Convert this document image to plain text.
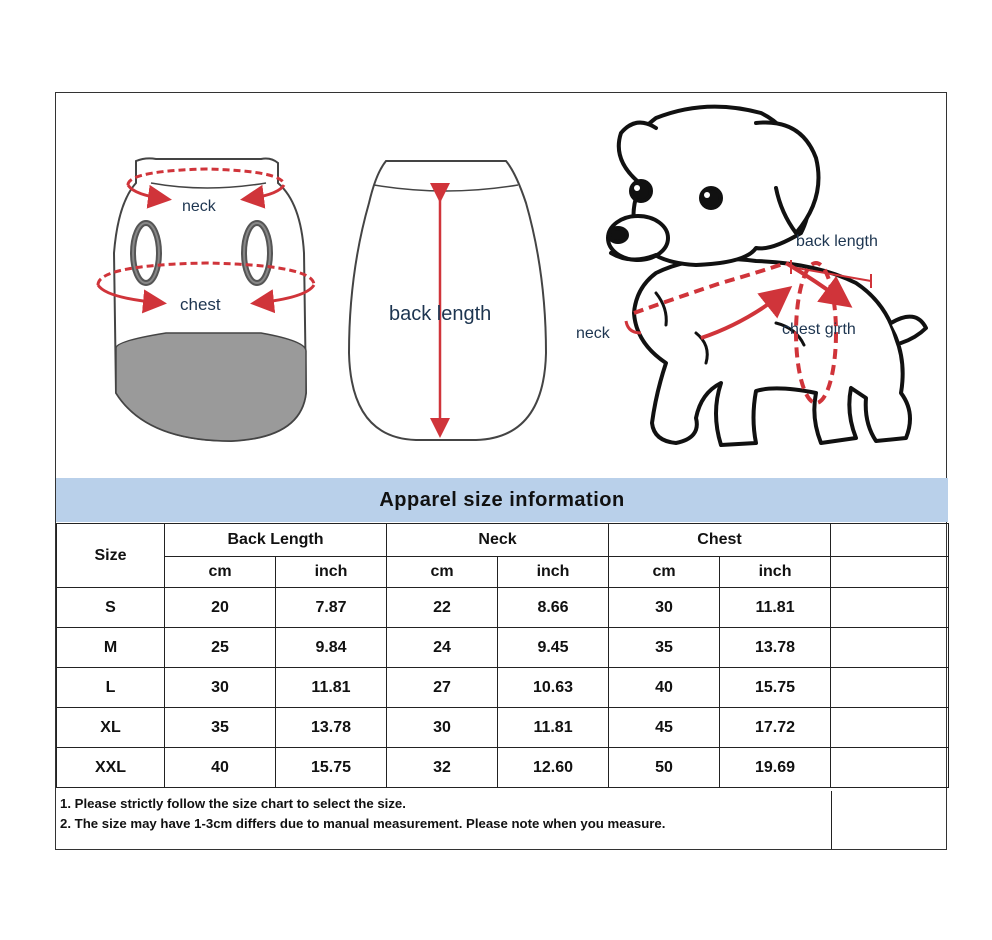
neck
chest	back length
back length
neck	chest girth
Apparel size information
Size	Back Length		Neck		Chest		
	cm	inch	cm	inch	cm	inch	
S	20	7.87	22	8.66	30	11.81	
M	25	9.84	24	9.45	35	13.78	
L	30	11.81	27	10.63	40	15.75	
XL	35	13.78	30	11.81	45	17.72	
XXL	40	15.75	32	12.60	50	19.69	
1. Please strictly follow the size chart to select the size.
2. The size may have 1-3cm differs due to manual measurement. Please note when you measure.
